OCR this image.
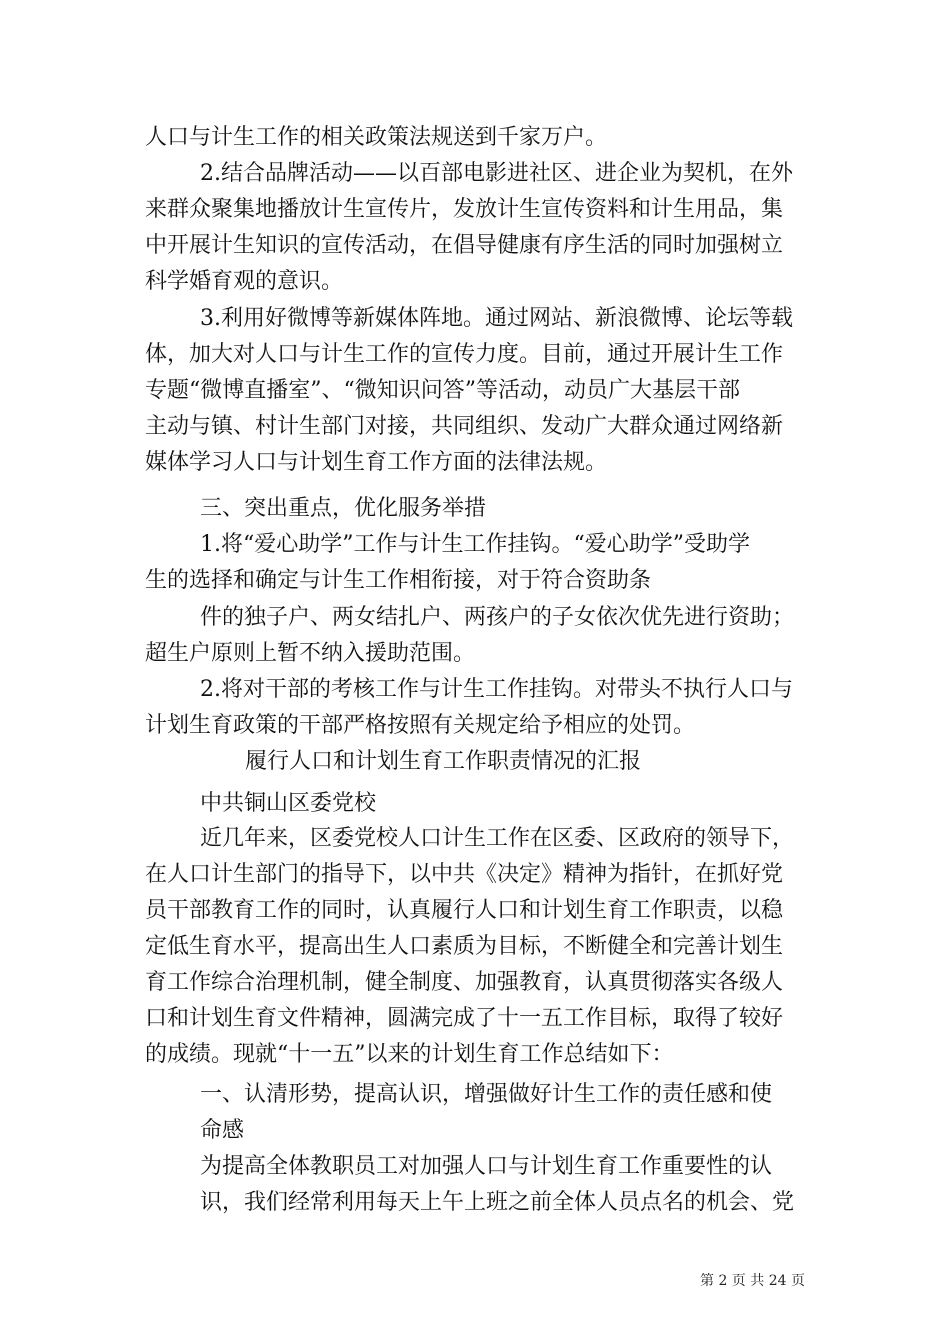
人口与计生工作的相关政策法规送到千家万户。
2.结合品牌活动——以百部电影进社区、进企业为契机，在外
来群众聚集地播放计生宣传片，发放计生宣传资料和计生用品，集
中开展计生知识的宣传活动，在倡导健康有序生活的同时加强树立
科学婚育观的意识。
3.利用好微博等新媒体阵地。通过网站、新浪微博、论坛等载
体，加大对人口与计生工作的宣传力度。目前，通过开展计生工作
专题“微博直播室”、“微知识问答”等活动，动员广大基层干部
主动与镇、村计生部门对接，共同组织、发动广大群众通过网络新
媒体学习人口与计划生育工作方面的法律法规。
三、突出重点，优化服务举措
1.将“爱心助学”工作与计生工作挂钩。“爱心助学”受助学
生的选择和确定与计生工作相衔接，对于符合资助条
件的独子户、两女结扎户、两孩户的子女依次优先进行资助；
超生户原则上暂不纳入援助范围。
2.将对干部的考核工作与计生工作挂钩。对带头不执行人口与
计划生育政策的干部严格按照有关规定给予相应的处罚。
履行人口和计划生育工作职责情况的汇报
中共铜山区委党校
近几年来，区委党校人口计生工作在区委、区政府的领导下，
在人口计生部门的指导下，以中共《决定》精神为指针，在抓好党
员干部教育工作的同时，认真履行人口和计划生育工作职责，以稳
定低生育水平，提高出生人口素质为目标，不断健全和完善计划生
育工作综合治理机制，健全制度、加强教育，认真贯彻落实各级人
口和计划生育文件精神，圆满完成了十一五工作目标，取得了较好
的成绩。现就“十一五”以来的计划生育工作总结如下：
一、认清形势，提高认识，增强做好计生工作的责任感和使
命感
为提高全体教职员工对加强人口与计划生育工作重要性的认
识，我们经常利用每天上午上班之前全体人员点名的机会、党
第 2 页 共 24 页
